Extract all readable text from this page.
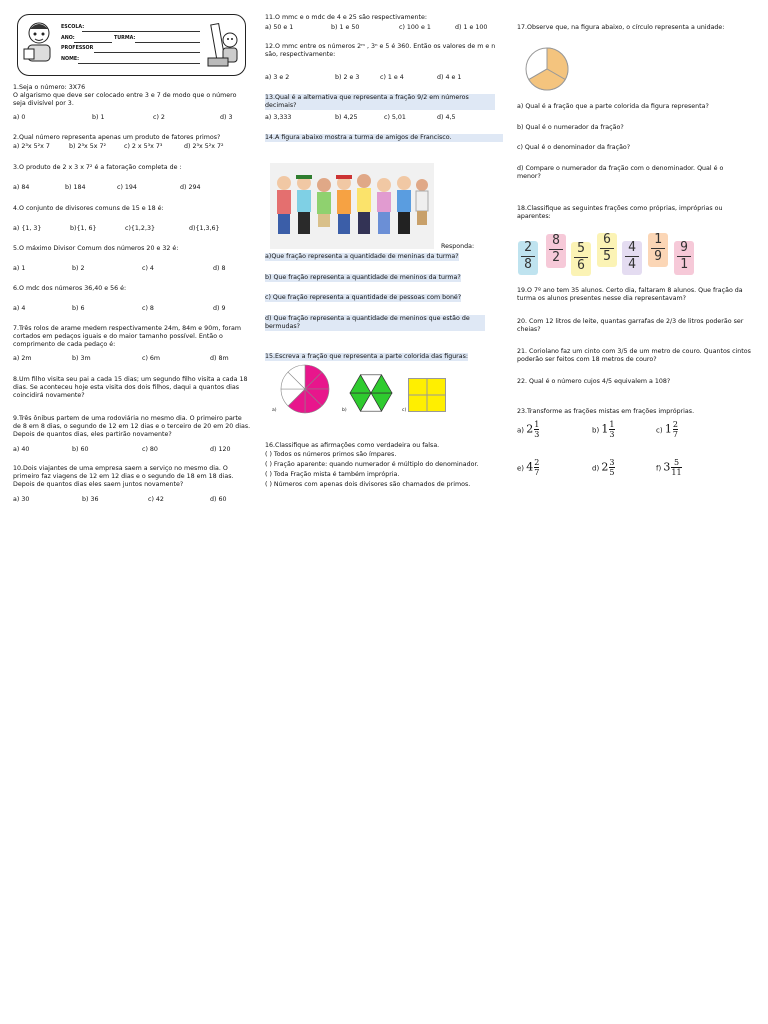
ESCOLA:
ANO:	TURMA:
PROFESSOR
NOME:
1.Seja o número: 3X76
O algarismo que deve ser colocado entre 3 e 7 de modo que o número seja divisível por 3.
a) 0	b) 1	c) 2	d) 3
2.Qual número representa apenas um produto de fatores primos?
a) 2³x 5²x 7	b) 2³x 5x 7²	c) 2 x 5³x 7³	d) 2³x 5²x 7²
3.O produto de 2 x 3 x 7² é a fatoração completa de :
a) 84	b) 184	c) 194	d) 294
4.O conjunto de divisores comuns de 15 e 18 é:
a) {1, 3}	b){1, 6}	c){1,2,3}	d){1,3,6}
5.O máximo Divisor Comum dos números 20 e 32 é:
a) 1	b) 2	c) 4	d) 8
6.O mdc dos números 36,40 e 56 é:
a) 4	b) 6	c) 8	d) 9
7.Três rolos de arame medem respectivamente 24m, 84m e 90m, foram cortados em pedaços iguais e do maior tamanho possível. Então o comprimento de cada pedaço é:
a) 2m	b) 3m	c) 6m	d) 8m
8.Um filho visita seu pai a cada 15 dias; um segundo filho visita a cada 18 dias. Se aconteceu hoje esta visita dos dois filhos, daqui a quantos dias coincidirá novamente?
9.Três ônibus partem de uma rodoviária no mesmo dia. O primeiro parte de 8 em 8 dias, o segundo de 12 em 12 dias e o terceiro de 20 em 20 dias. Depois de quantos dias, eles partirão novamente?
a) 40	b) 60	c) 80	d) 120
10.Dois viajantes de uma empresa saem a serviço no mesmo dia. O primeiro faz viagens de 12 em 12 dias e o segundo de 18 em 18 dias. Depois de quantos dias eles saem juntos novamente?
a) 30	b) 36	c) 42	d) 60
11.O mmc e o mdc de 4 e 25 são respectivamente:
a) 50 e 1	b) 1 e 50	c) 100 e 1	d) 1 e 100
12.O mmc entre os números 2ᵐ , 3ⁿ e 5 é 360. Então os valores de m e n são, respectivamente:
a) 3 e 2	b) 2 e 3	c) 1 e 4	d) 4 e 1
13.Qual é a alternativa que representa a fração 9/2 em números decimais?
a) 3,333	b) 4,25	c) 5,01	d) 4,5
14.A figura abaixo mostra a turma de amigos de Francisco.
Responda:
a)Que fração representa a quantidade de meninas da turma?
b) Que fração representa a quantidade de meninos da turma?
c) Que fração representa a quantidade de pessoas com boné?
d) Que fração representa a quantidade de meninos que estão de bermudas?
15.Escreva a fração que representa a parte colorida das figuras:
a)	b)	c)
16.Classifique as afirmações como verdadeira ou falsa.
( ) Todos os números primos são ímpares.
( ) Fração aparente: quando numerador é múltiplo do denominador.
( ) Toda Fração mista é também imprópria.
( ) Números com apenas dois divisores são chamados de primos.
17.Observe que, na figura abaixo, o círculo representa a unidade:
a) Qual é a fração que a parte colorida da figura representa?
b) Qual é o numerador da fração?
c) Qual é o denominador da fração?
d) Compare o numerador da fração com o denominador. Qual é o menor?
18.Classifique as seguintes frações como próprias, impróprias ou aparentes:
2
8
8
2
5
6
6
5
4
4
1
9
9
1
19.O 7º ano tem 35 alunos. Certo dia, faltaram 8 alunos. Que fração da turma os alunos presentes nesse dia representavam?
20. Com 12 litros de leite, quantas garrafas de 2/3 de litros poderão ser cheias?
21. Coriolano faz um cinto com 3/5 de um metro de couro. Quantos cintos poderão ser feitos com 18 metros de couro?
22. Qual é o número cujos 4/5 equivalem a 108?
23.Transforme as frações mistas em frações impróprias.
a) $2 \frac{1}{3}$	b) $1 \frac{1}{3}$	c) $1 \frac{2}{7}$
e) $4 \frac{2}{7}$	d) $2 \frac{3}{5}$	f) $3 \frac{5}{11}$
